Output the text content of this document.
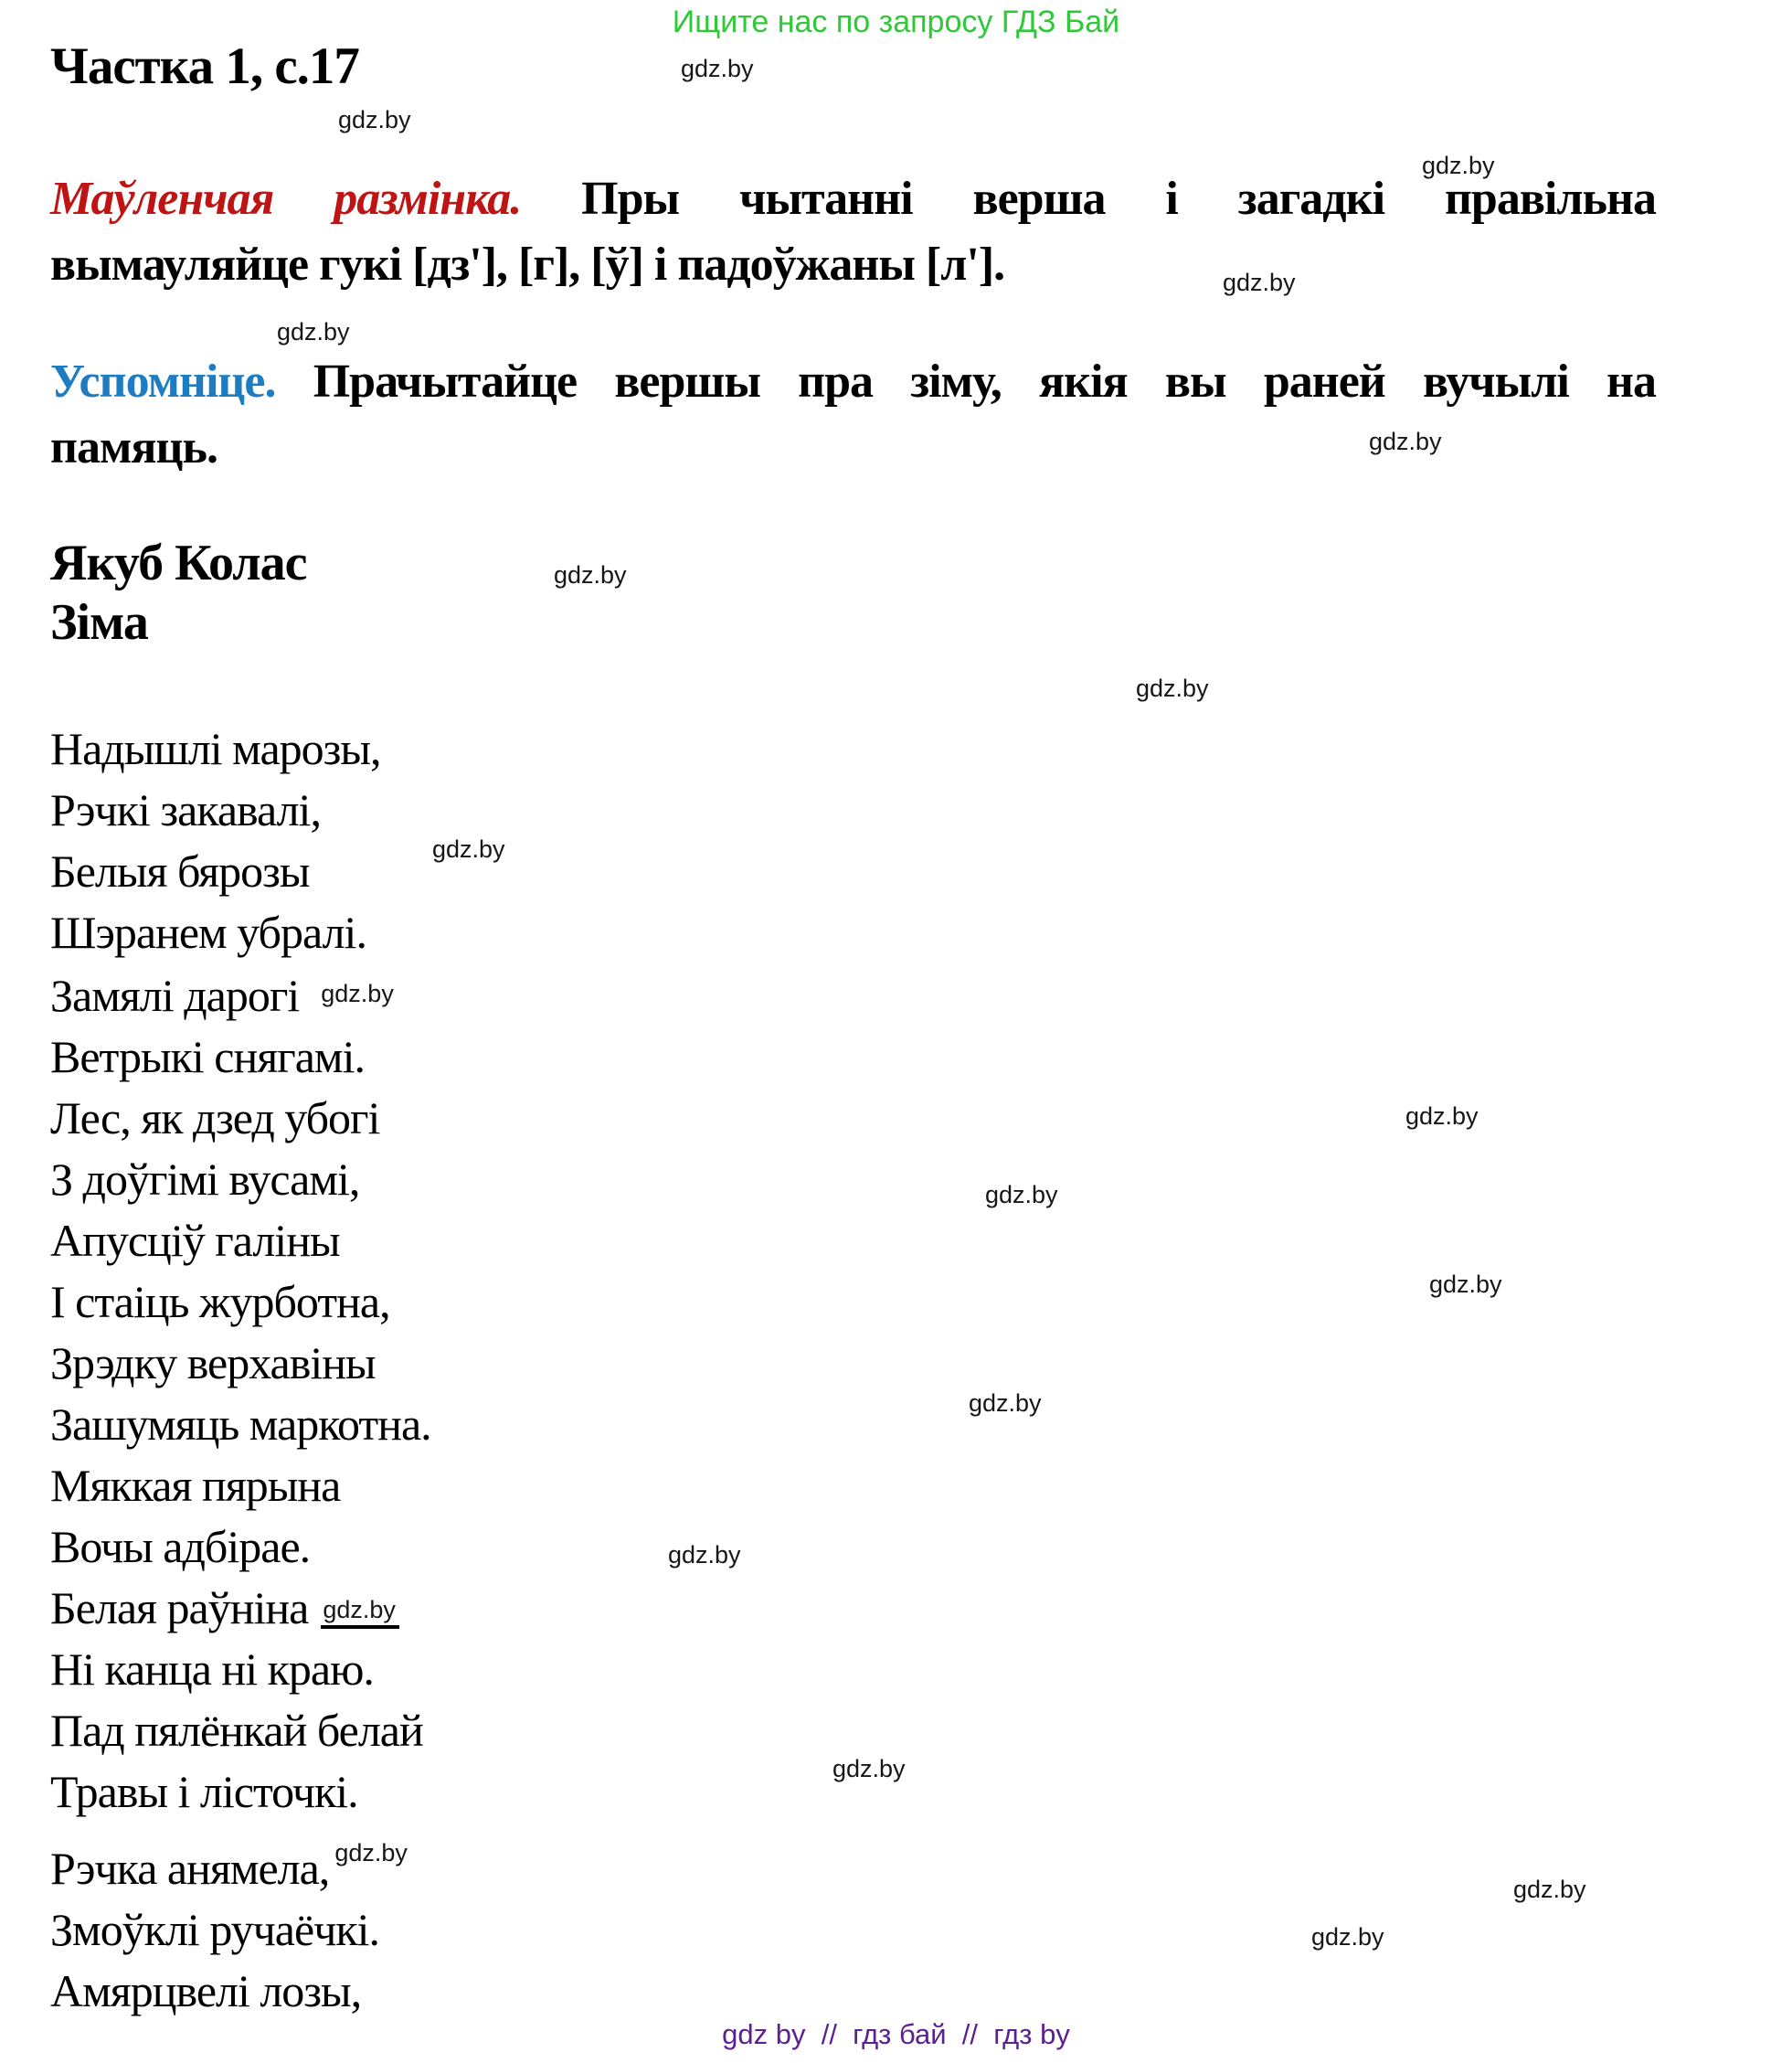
Ищите нас по запросу ГДЗ Бай
Частка 1, с.17
Маўленчая размінка. Пры чытанні верша і загадкі правільна
вымауляйце гукі [дз'], [г], [ў] і падоўжаны [л'].
Успомніце. Прачытайце вершы пра зіму, якія вы раней вучылі на
памяць.
Якуб Колас
Зіма
Надышлі марозы,
Рэчкі закавалі,
Белыя бярозы
Шэранем убралі.
Замялі дарогі $^{gdz.by}$
Ветрыкі снягамі.
Лес, як дзед убогі
З доўгімі вусамі,
Апусціў галіны
І стаіць журботна,
Зрэдку верхавіны
Зашумяць маркотна.
Мяккая пярына
Вочы адбірае.
Белая раўніна gdz.by
Ні канца ні краю.
Пад пялёнкай белай
Травы і лісточкі.
Рэчка анямела, $^{gdz.by}$
Змоўклі ручаёчкі.
Амярцвелі лозы,
gdz by  //  гдз бай  //  гдз by
gdz.by
gdz.by
gdz.by
gdz.by
gdz.by
gdz.by
gdz.by
gdz.by
gdz.by
gdz.by
gdz.by
gdz.by
gdz.by
gdz.by
gdz.by
gdz.by
gdz.by
